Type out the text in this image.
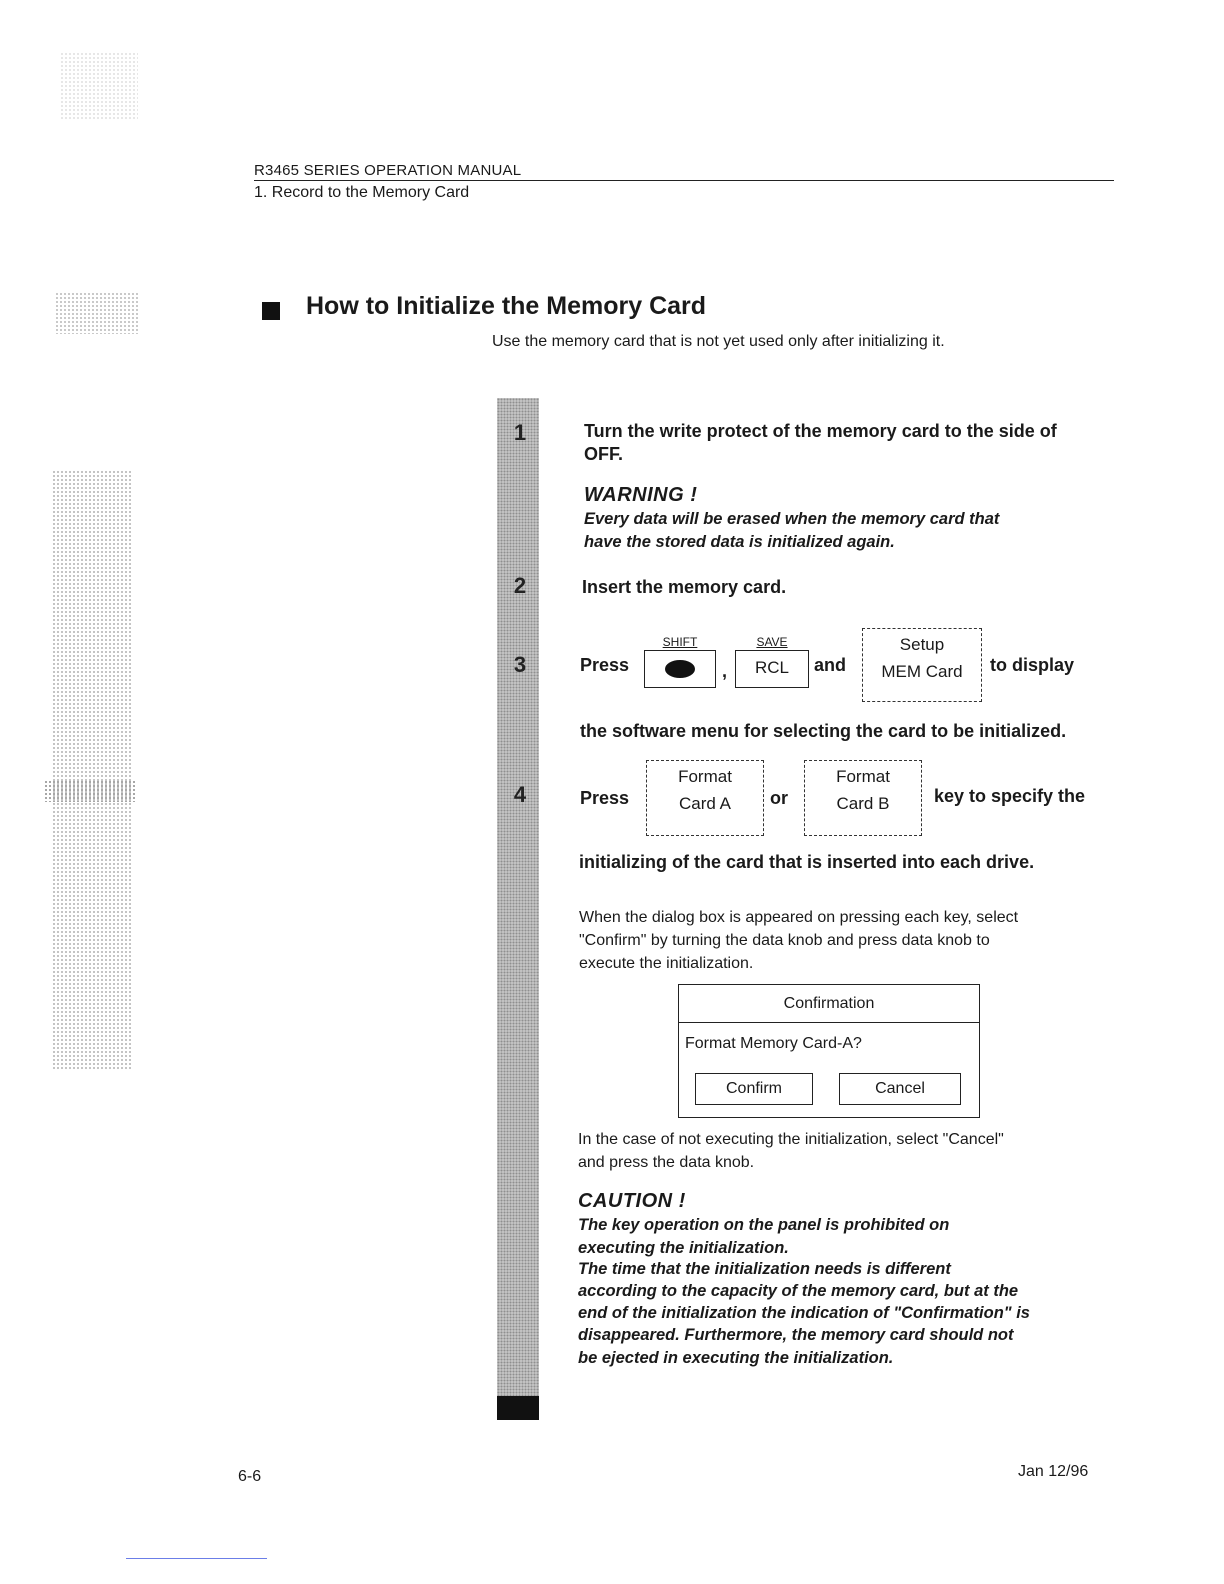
R3465 SERIES OPERATION MANUAL
1. Record to the Memory Card
How to Initialize the Memory Card
Use the memory card that is not yet used only after initializing it.
1
2
3
4
Turn the write protect of the memory card to the side of
OFF.
WARNING !
Every data will be erased when the memory card that
have the stored data is initialized again.
Insert the memory card.
Press
SHIFT
,
SAVE
RCL	and
Setup
MEM Card	to display
the software menu for selecting the card to be initialized.
Press
Format
Card A	or
Format
Card B	key to specify the
initializing of the card that is inserted into each drive.
When the dialog box is appeared on pressing each key, select
"Confirm" by turning the data knob and press data knob to
execute the initialization.
Confirmation
Format Memory Card-A?
Confirm	Cancel
In the case of not executing the initialization, select "Cancel"
and press the data knob.
CAUTION !
The key operation on the panel is prohibited on
executing the initialization.
The time that the initialization needs is different
according to the capacity of the memory card, but at the
end of the initialization the indication of "Confirmation" is
disappeared. Furthermore, the memory card should not
be ejected in executing the initialization.
6-6	Jan 12/96
